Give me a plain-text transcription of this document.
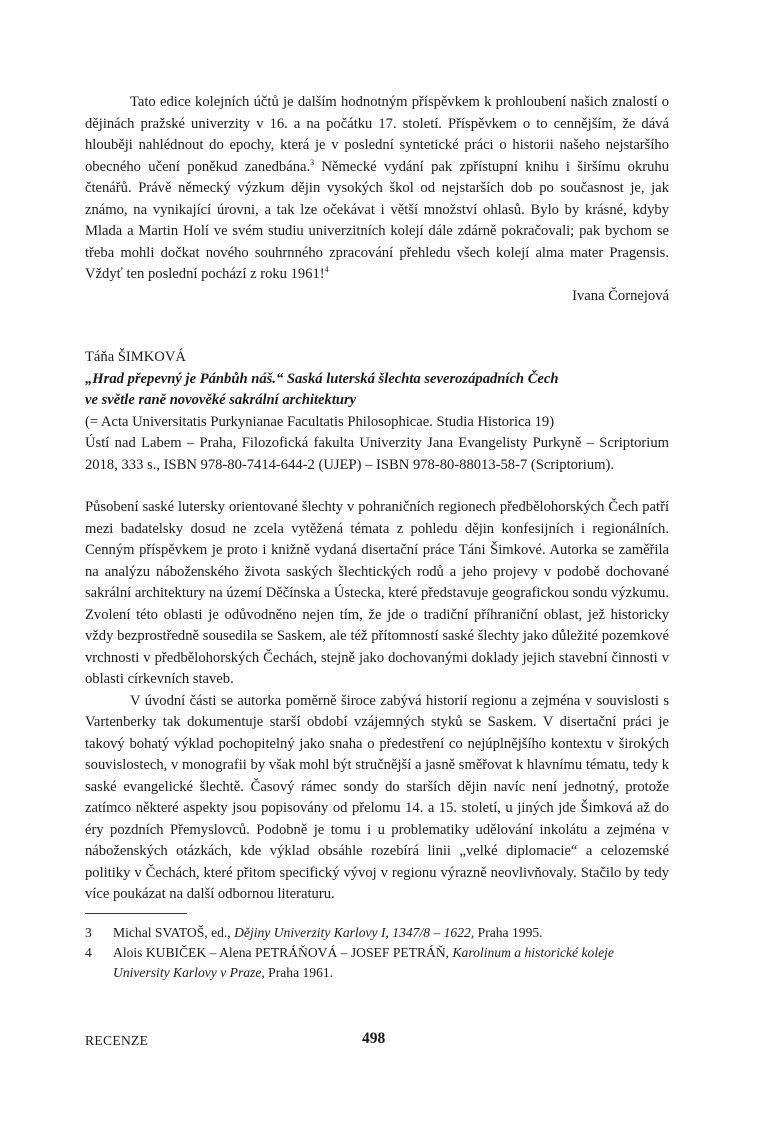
Tato edice kolejních účtů je dalším hodnotným příspěvkem k prohloubení našich znalostí o dějinách pražské univerzity v 16. a na počátku 17. století. Příspěvkem o to cennějším, že dává hlouběji nahlédnout do epochy, která je v poslední syntetické práci o historii našeho nejstaršího obecného učení poněkud zanedbána.$^3$ Německé vydání pak zpřístupní knihu i širšímu okruhu čtenářů. Právě německý výzkum dějin vysokých škol od nejstarších dob po současnost je, jak známo, na vynikající úrovni, a tak lze očekávat i větší množství ohlasů. Bylo by krásné, kdyby Mlada a Martin Holí ve svém studiu univerzitních kolejí dále zdárně pokračovali; pak bychom se třeba mohli dočkat nového souhrnného zpracování přehledu všech kolejí alma mater Pragensis. Vždyť ten poslední pochází z roku 1961!$^4$

Ivana Čornejová

Táňa ŠIMKOVÁ

„Hrad přepevný je Pánbůh náš.“ Saská luterská šlechta severozápadních Čech
ve světle raně novověké sakrální architektury

(= Acta Universitatis Purkynianae Facultatis Philosophicae. Studia Historica 19)

Ústí nad Labem – Praha, Filozofická fakulta Univerzity Jana Evangelisty Purkyně – Scriptorium 2018, 333 s., ISBN 978-80-7414-644-2 (UJEP) – ISBN 978-80-88013-58-7 (Scriptorium).

Působení saské lutersky orientované šlechty v pohraničních regionech předbělohorských Čech patří mezi badatelsky dosud ne zcela vytěžená témata z pohledu dějin konfesijních i regionálních. Cenným příspěvkem je proto i knižně vydaná disertační práce Táni Šimkové. Autorka se zaměřila na analýzu náboženského života saských šlechtických rodů a jeho projevy v podobě dochované sakrální architektury na území Děčínska a Ústecka, které představuje geografickou sondu výzkumu. Zvolení této oblasti je odůvodněno nejen tím, že jde o tradiční příhraniční oblast, jež historicky vždy bezprostředně sousedila se Saskem, ale též přítomností saské šlechty jako důležité pozemkové vrchnosti v předbělohorských Čechách, stejně jako dochovanými doklady jejich stavební činnosti v oblasti církevních staveb.

V úvodní části se autorka poměrně široce zabývá historií regionu a zejména v souvislosti s Vartenberky tak dokumentuje starší období vzájemných styků se Saskem. V disertační práci je takový bohatý výklad pochopitelný jako snaha o předestření co nejúplnějšího kontextu v širokých souvislostech, v monografii by však mohl být stručnější a jasně směřovat k hlavnímu tématu, tedy k saské evangelické šlechtě. Časový rámec sondy do starších dějin navíc není jednotný, protože zatímco některé aspekty jsou popisovány od přelomu 14. a 15. století, u jiných jde Šimková až do éry pozdních Přemyslovců. Podobně je tomu i u problematiky udělování inkolátu a zejména v náboženských otázkách, kde výklad obsáhle rozebírá linii „velké diplomacie“ a celozemské politiky v Čechách, které přitom specifický vývoj v regionu výrazně neovlivňovaly. Stačilo by tedy více poukázat na další odbornou literaturu.

3	Michal SVATOŠ, ed., Dějiny Univerzity Karlovy I, 1347/8 – 1622, Praha 1995.
4	Alois KUBIČEK – Alena PETRÁŇOVÁ – JOSEF PETRÁŇ, Karolinum a historické koleje University Karlovy v Praze, Praha 1961.
RECENZE	498
